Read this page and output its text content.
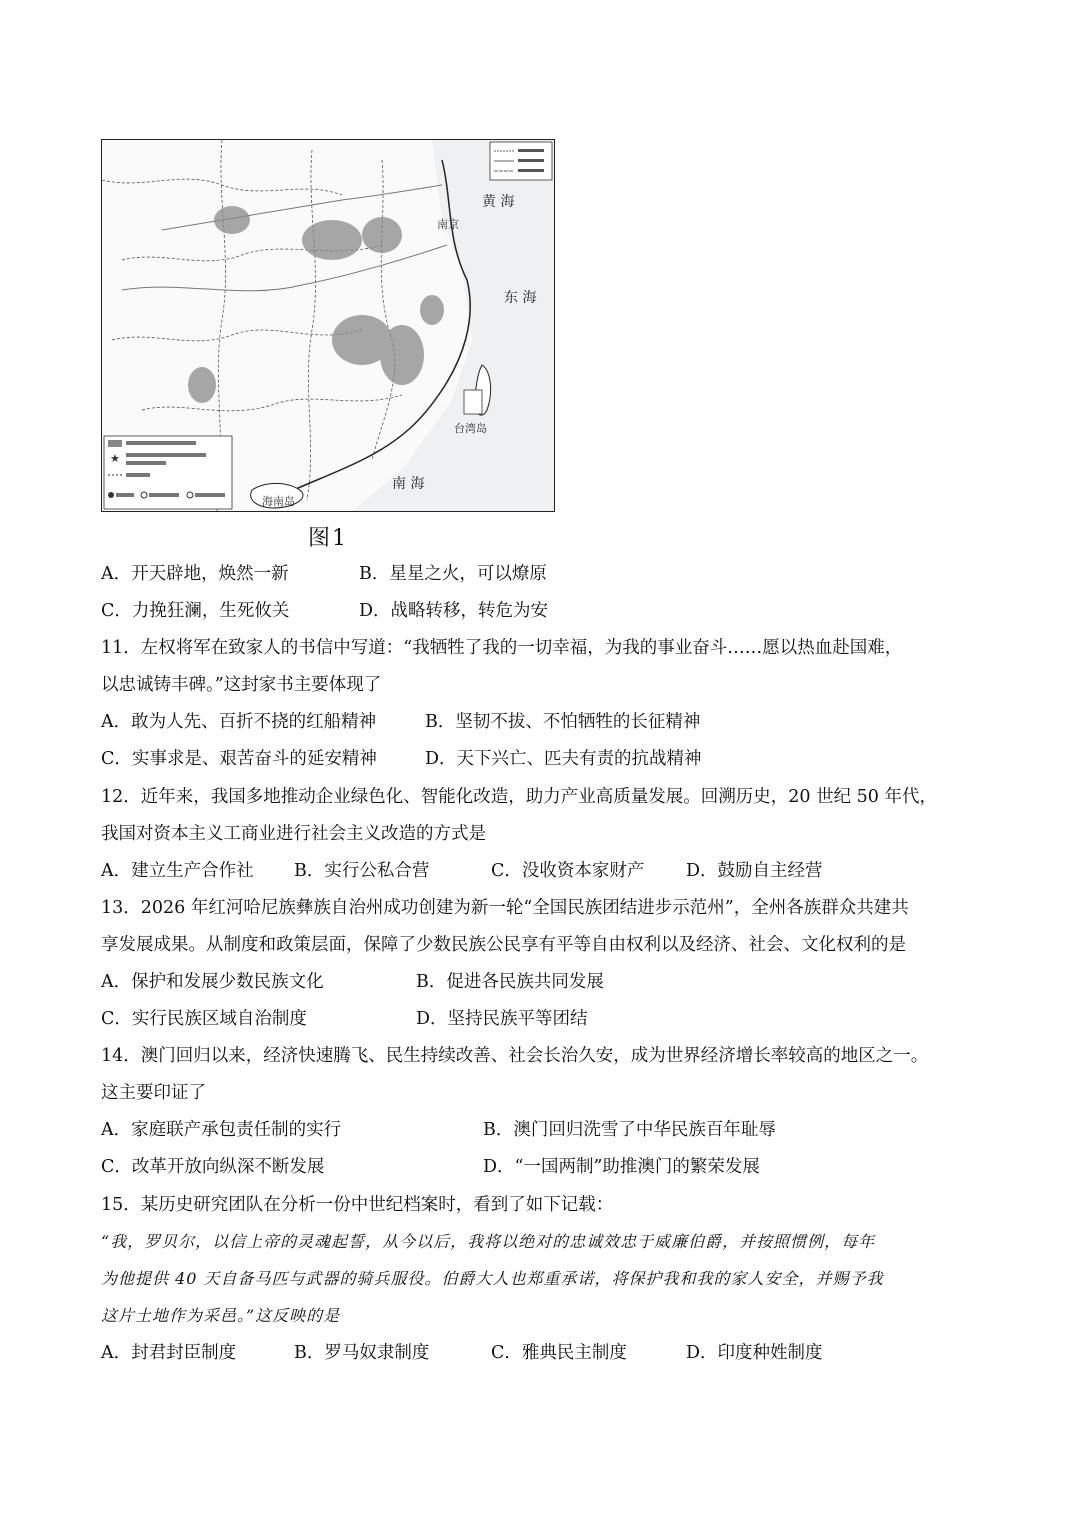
★
黄 海
东 海
南 海
南京
台湾岛
海南岛
图1
A．开天辟地，焕然一新	B．星星之火，可以燎原
C．力挽狂澜，生死攸关	D．战略转移，转危为安
11．左权将军在致家人的书信中写道：“我牺牲了我的一切幸福，为我的事业奋斗……愿以热血赴国难，
以忠诚铸丰碑。”这封家书主要体现了
A．敢为人先、百折不挠的红船精神	B．坚韧不拔、不怕牺牲的长征精神
C．实事求是、艰苦奋斗的延安精神	D．天下兴亡、匹夫有责的抗战精神
12．近年来，我国多地推动企业绿色化、智能化改造，助力产业高质量发展。回溯历史，20 世纪 50 年代，
我国对资本主义工商业进行社会主义改造的方式是
A．建立生产合作社 B．实行公私合营	C．没收资本家财产 D．鼓励自主经营
13．2026 年红河哈尼族彝族自治州成功创建为新一轮“全国民族团结进步示范州”，全州各族群众共建共
享发展成果。从制度和政策层面，保障了少数民族公民享有平等自由权利以及经济、社会、文化权利的是
A．保护和发展少数民族文化	B．促进各民族共同发展
C．实行民族区域自治制度	D．坚持民族平等团结
14．澳门回归以来，经济快速腾飞、民生持续改善、社会长治久安，成为世界经济增长率较高的地区之一。
这主要印证了
A．家庭联产承包责任制的实行	B．澳门回归洗雪了中华民族百年耻辱
C．改革开放向纵深不断发展	D．“一国两制”助推澳门的繁荣发展
15．某历史研究团队在分析一份中世纪档案时，看到了如下记载：
“我，罗贝尔，以信上帝的灵魂起誓，从今以后，我将以绝对的忠诚效忠于威廉伯爵，并按照惯例，每年
为他提供 40 天自备马匹与武器的骑兵服役。伯爵大人也郑重承诺，将保护我和我的家人安全，并赐予我
这片土地作为采邑。”这反映的是
A．封君封臣制度	B．罗马奴隶制度	C．雅典民主制度	D．印度种姓制度
